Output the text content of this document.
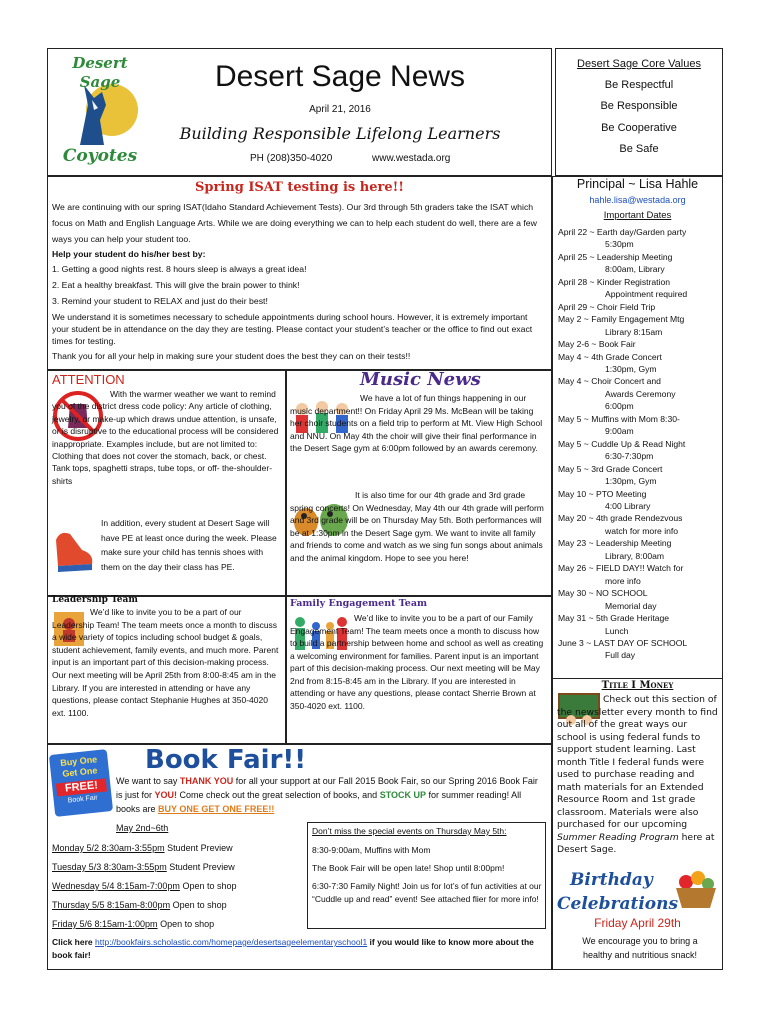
Desert Sage
Coyotes
Desert Sage News
April 21, 2016
Building Responsible Lifelong Learners
PH (208)350-4020	www.westada.org
Desert Sage Core Values
Be Respectful
Be Responsible
Be Cooperative
Be Safe
Spring ISAT testing is here!!

We are continuing with our spring ISAT(Idaho Standard Achievement Tests). Our 3rd through 5th graders take the ISAT which focus on Math and English Language Arts. While we are doing everything we can to help each student do well, there are a few ways you can help your student too.

Help your student do his/her best by:
1. Getting a good nights rest. 8 hours sleep is always a great idea!
2. Eat a healthy breakfast. This will give the brain power to think!
3. Remind your student to RELAX and just do their best!

We understand it is sometimes necessary to schedule appointments during school hours. However, it is extremely important your student be in attendance on the day they are testing. Please contact your student’s teacher or the office to find out exact times for testing.

Thank you for all your help in making sure your student does the best they can on their tests!!

ATTENTION

With the warmer weather we want to remind you of the district dress code policy: Any article of clothing, jewelry, or make-up which draws undue attention, is unsafe, or is disruptive to the educational process will be considered inappropriate. Examples include, but are not limited to: Clothing that does not cover the stomach, back, or chest. Tank tops, spaghetti straps, tube tops, or off- the-shoulder-shirts

In addition, every student at Desert Sage will have PE at least once during the week. Please make sure your child has tennis shoes with them on the day their class has PE.

Music News

We have a lot of fun things happening in our music department!! On Friday April 29 Ms. McBean will be taking her choir students on a field trip to perform at Mt. View High School and NNU. On May 4th the choir will give their final performance in the Desert Sage gym at 6:00pm followed by an awards ceremony.

It is also time for our 4th grade and 3rd grade spring concerts! On Wednesday, May 4th our 4th grade will perform and 3rd grade will be on Thursday May 5th. Both performances will be at 1:30pm in the Desert Sage gym. We want to invite all family and friends to come and watch as we sing fun songs about animals and the animal kingdom. Hope to see you here!

Leadership Team

We’d like to invite you to be a part of our Leadership Team! The team meets once a month to discuss a wide variety of topics including school budget & goals, student achievement, family events, and much more. Parent input is an important part of this decision-making process. Our next meeting will be April 25th from 8:00-8:45 am in the Library. If you are interested in attending or have any questions, please contact Stephanie Hughes at 350-4020 ext. 1100.

Family Engagement Team

We’d like to invite you to be a part of our Family Engagement Team! The team meets once a month to discuss how to build a partnership between home and school as well as creating a welcoming environment for families. Parent input is an important part of this decision-making process. Our next meeting will be May 2nd from 8:15-8:45 am in the Library. If you are interested in attending or have any questions, please contact Sherrie Brown at 350-4020 ext. 1100.

Buy One
Get One
FREE!
Book Fair
Book Fair!!

We want to say THANK YOU for all your support at our Fall 2015 Book Fair, so our Spring 2016 Book Fair is just for YOU! Come check out the great selection of books, and STOCK UP for summer reading! All books are BUY ONE GET ONE FREE!!

May 2nd~6th
Monday 5/2 8:30am-3:55pm Student Preview
Tuesday 5/3 8:30am-3:55pm Student Preview
Wednesday 5/4 8:15am-7:00pm Open to shop
Thursday 5/5 8:15am-8:00pm Open to shop
Friday 5/6 8:15am-1:00pm Open to shop
Don’t miss the special events on Thursday May 5th:
8:30-9:00am, Muffins with Mom
The Book Fair will be open late! Shop until 8:00pm!
6:30-7:30 Family Night! Join us for lot’s of fun activities at our “Cuddle up and read” event! See attached flier for more info!

Click here http://bookfairs.scholastic.com/homepage/desertsageelementaryschool1 if you would like to know more about the book fair!

Principal ~ Lisa Hahle
hahle.lisa@westada.org
Important Dates
April 22 ~ Earth day/Garden party
5:30pm
April 25 ~ Leadership Meeting
8:00am, Library
April 28 ~ Kinder Registration
Appointment required
April 29 ~ Choir Field Trip
May 2 ~ Family Engagement Mtg
Library 8:15am
May 2-6 ~ Book Fair
May 4 ~ 4th Grade Concert
1:30pm, Gym
May 4 ~ Choir Concert and
Awards Ceremony
6:00pm
May 5 ~ Muffins with Mom 8:30-
9:00am
May 5 ~ Cuddle Up & Read Night
6:30-7:30pm
May 5 ~ 3rd Grade Concert
1:30pm, Gym
May 10 ~ PTO Meeting
4:00 Library
May 20 ~ 4th grade Rendezvous
watch for more info
May 23 ~ Leadership Meeting
Library, 8:00am
May 26 ~ FIELD DAY!! Watch for
more info
May 30 ~ NO SCHOOL
Memorial day
May 31 ~ 5th Grade Heritage
Lunch
June 3 ~ LAST DAY OF SCHOOL
Full day
Title I Money

Check out this section of the newsletter every month to find out all of the great ways our school is using federal funds to support student learning. Last month Title I federal funds were used to purchase reading and math materials for an Extended Resource Room and 1st grade classroom. Materials were also purchased for our upcoming Summer Reading Program here at Desert Sage.

Birthday
Celebrations
Friday April 29th

We encourage you to bring a healthy and nutritious snack!
